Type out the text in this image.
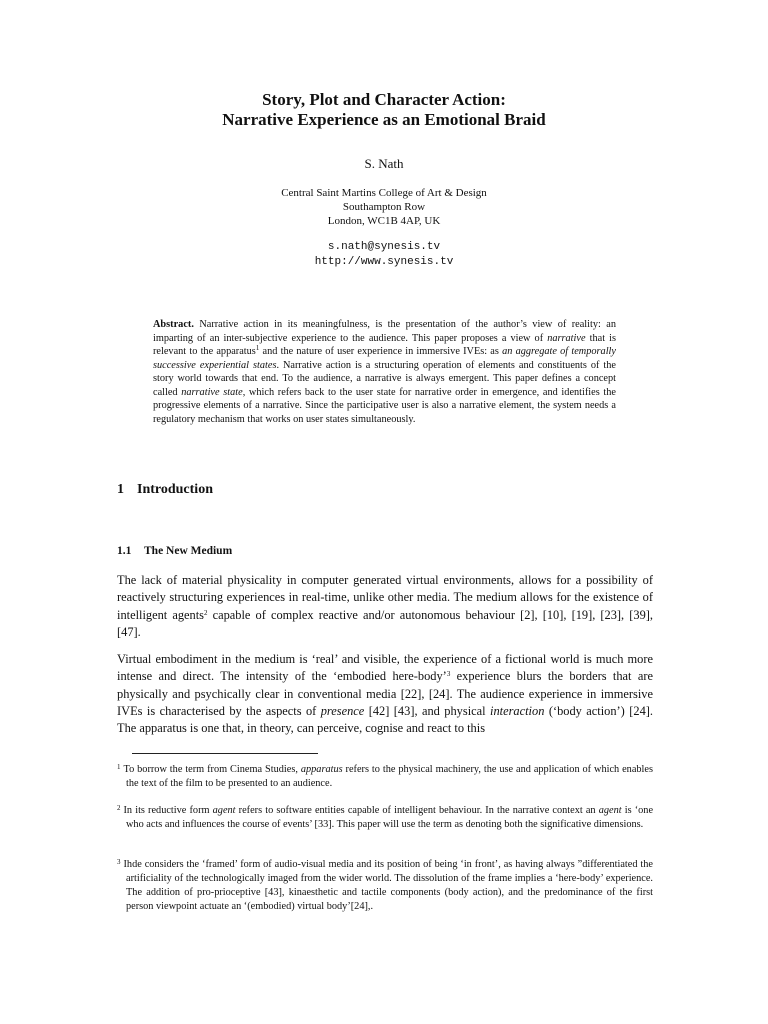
Story, Plot and Character Action:
Narrative Experience as an Emotional Braid
S. Nath
Central Saint Martins College of Art & Design
Southampton Row
London, WC1B 4AP, UK
s.nath@synesis.tv
http://www.synesis.tv
Abstract. Narrative action in its meaningfulness, is the presentation of the author’s view of reality: an imparting of an inter-subjective experience to the audience. This paper proposes a view of narrative that is relevant to the apparatus$^1$ and the nature of user experience in immersive IVEs: as an aggregate of temporally successive experiential states. Narrative action is a structuring operation of elements and constituents of the story world towards that end. To the audience, a narrative is always emergent. This paper defines a concept called narrative state, which refers back to the user state for narrative order in emergence, and identifies the progressive elements of a narrative. Since the participative user is also a narrative element, the system needs a regulatory mechanism that works on user states simultaneously.
1 Introduction
1.1 The New Medium
The lack of material physicality in computer generated virtual environments, allows for a possibility of reactively structuring experiences in real-time, unlike other media. The medium allows for the existence of intelligent agents$^2$ capable of complex reactive and/or autonomous behaviour [2], [10], [19], [23], [39], [47].
Virtual embodiment in the medium is ‘real’ and visible, the experience of a fictional world is much more intense and direct. The intensity of the ‘embodied here-body’$^3$ experience blurs the borders that are physically and psychically clear in conventional media [22], [24]. The audience experience in immersive IVEs is characterised by the aspects of presence [42] [43], and physical interaction (‘body action’) [24]. The apparatus is one that, in theory, can perceive, cognise and react to this
$^1$ To borrow the term from Cinema Studies, apparatus refers to the physical machinery, the use and application of which enables the text of the film to be presented to an audience.
$^2$ In its reductive form agent refers to software entities capable of intelligent behaviour. In the narrative context an agent is ‘one who acts and influences the course of events’ [33]. This paper will use the term as denoting both the significative dimensions.
$^3$ Ihde considers the ‘framed’ form of audio-visual media and its position of being ‘in front’, as having always ”differentiated the artificiality of the technologically imaged from the wider world. The dissolution of the frame implies a ‘here-body’ experience. The addition of pro-prioceptive [43], kinaesthetic and tactile components (body action), and the predominance of the first person viewpoint actuate an ‘(embodied) virtual body’[24],.
